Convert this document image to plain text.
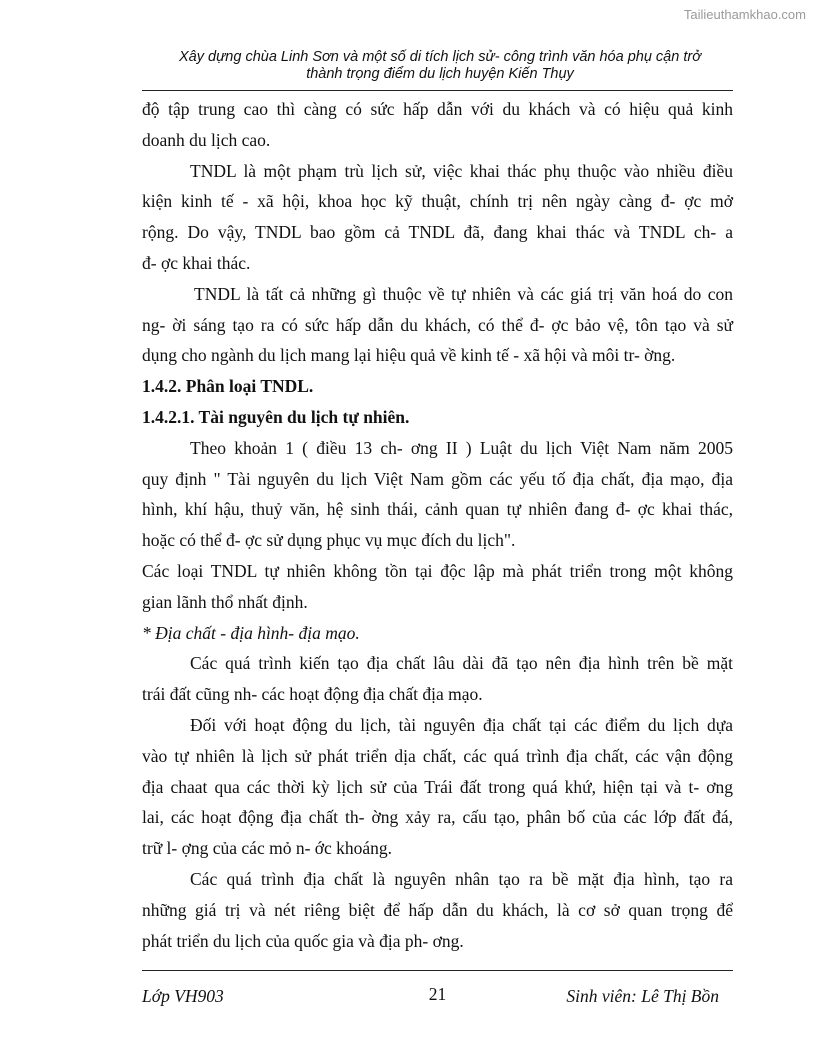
Tailieuthamkhao.com
Xây dựng chùa Linh Sơn và một số di tích lịch sử- công trình văn hóa phụ cận trở
thành trọng điểm du lịch huyện Kiến Thụy
độ tập trung cao thì càng có sức hấp dẫn với du khách và có hiệu quả kinh
doanh du lịch cao.
TNDL là một phạm trù lịch sử, việc khai thác phụ thuộc vào nhiều điều
kiện kinh tế - xã hội, khoa học kỹ thuật, chính trị nên ngày càng đ- ợc mở
rộng. Do vậy, TNDL bao gồm cả TNDL đã, đang khai thác và TNDL ch- a
đ- ợc khai thác.
TNDL là tất cả những gì thuộc về tự nhiên và các giá trị văn hoá do con
ng- ời sáng tạo ra có sức hấp dẫn du khách, có thể đ- ợc bảo vệ, tôn tạo và sử
dụng cho ngành du lịch mang lại hiệu quả về kinh tế - xã hội và môi tr- ờng.
1.4.2. Phân loại TNDL.
1.4.2.1. Tài nguyên du lịch tự nhiên.
Theo khoản 1 ( điều 13 ch- ơng II ) Luật du lịch Việt Nam năm 2005
quy định " Tài nguyên du lịch Việt Nam gồm các yếu tố địa chất, địa mạo, địa
hình, khí hậu, thuỷ văn, hệ sinh thái, cảnh quan tự nhiên đang đ- ợc khai thác,
hoặc có thể đ- ợc sử dụng phục vụ mục đích du lịch".
Các loại TNDL tự nhiên không tồn tại độc lập mà phát triển trong một không
gian lãnh thổ nhất định.
* Địa chất - địa hình- địa mạo.
Các quá trình kiến tạo địa chất lâu dài đã tạo nên địa hình trên bề mặt
trái đất cũng nh- các hoạt động địa chất địa mạo.
Đối với hoạt động du lịch, tài nguyên địa chất tại các điểm du lịch dựa
vào tự nhiên là lịch sử phát triển dịa chất, các quá trình địa chất, các vận động
địa chaat qua các thời kỳ lịch sử của Trái đất trong quá khứ, hiện tại và t- ơng
lai, các hoạt động địa chất th- ờng xảy ra, cấu tạo, phân bố của các lớp đất đá,
trữ l- ợng của các mỏ n- ớc khoáng.
Các quá trình địa chất là nguyên nhân tạo ra bề mặt địa hình, tạo ra
những giá trị và nét riêng biệt để hấp dẫn du khách, là cơ sở quan trọng để
phát triển du lịch của quốc gia và địa ph- ơng.
Lớp VH903	21	Sinh viên: Lê Thị Bồn
